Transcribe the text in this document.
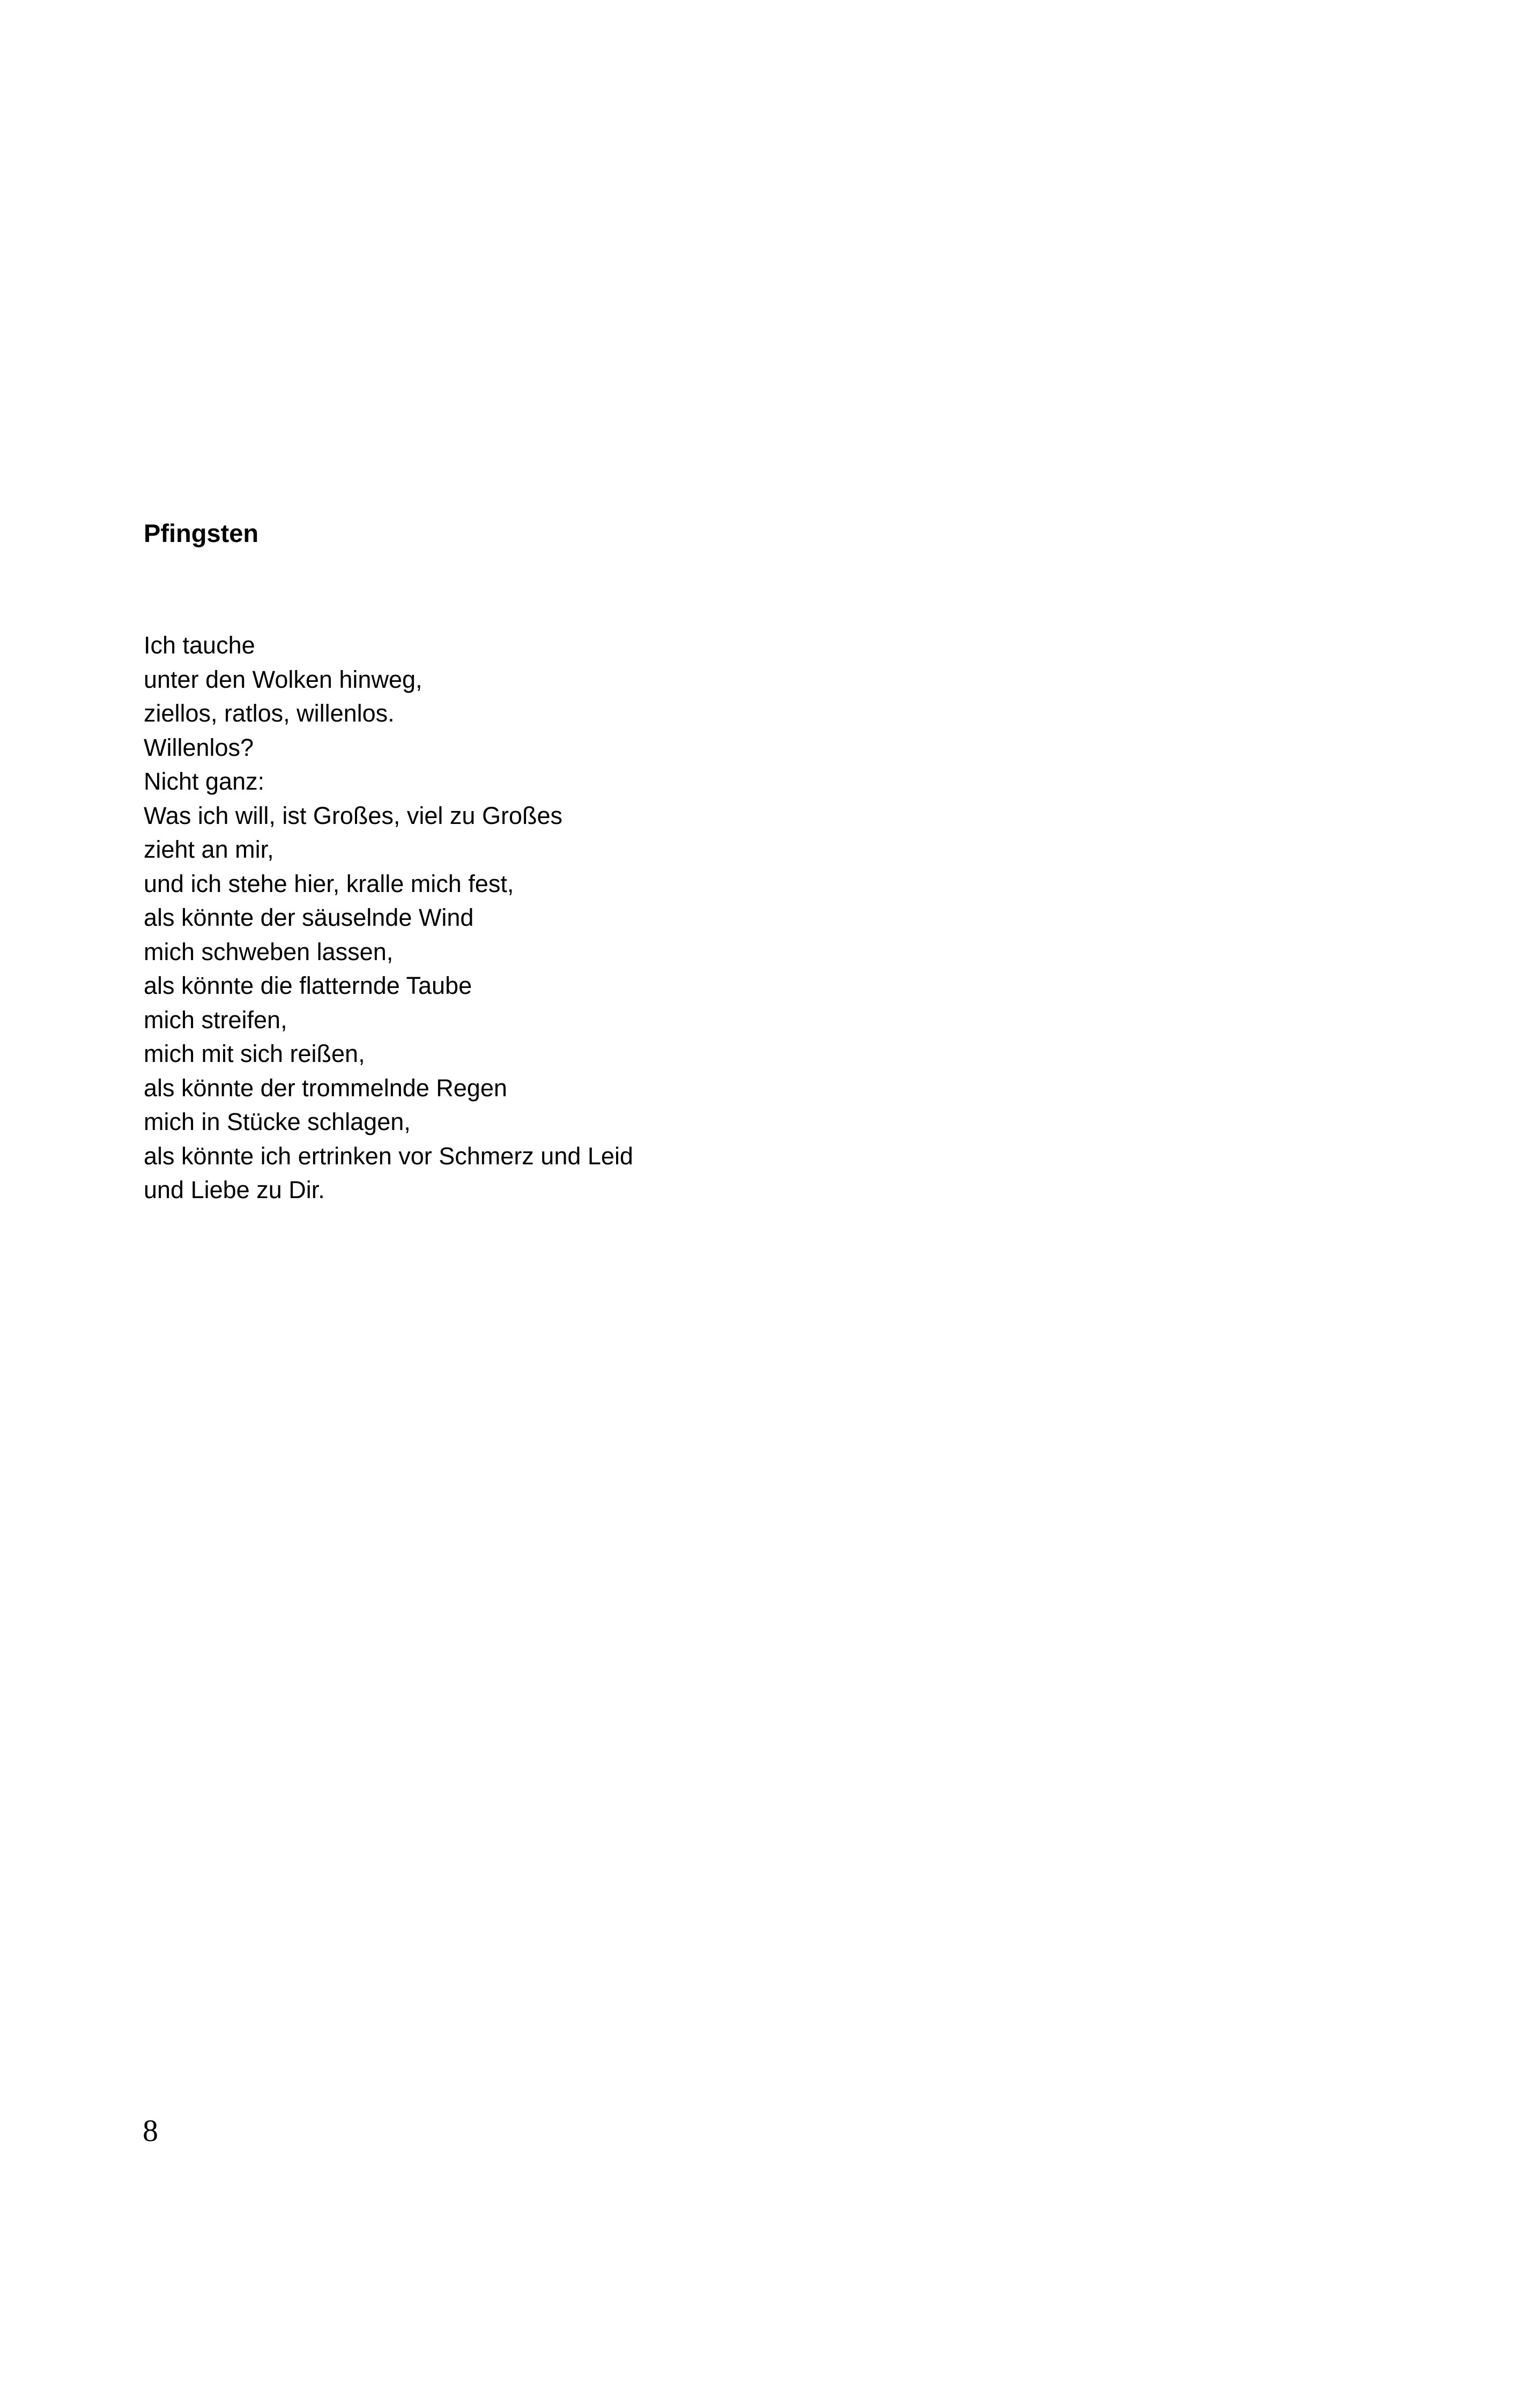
Pfingsten
Ich tauche
unter den Wolken hinweg,
ziellos, ratlos, willenlos.
Willenlos?
Nicht ganz:
Was ich will, ist Großes, viel zu Großes
zieht an mir,
und ich stehe hier, kralle mich fest,
als könnte der säuselnde Wind
mich schweben lassen,
als könnte die flatternde Taube
mich streifen,
mich mit sich reißen,
als könnte der trommelnde Regen
mich in Stücke schlagen,
als könnte ich ertrinken vor Schmerz und Leid
und Liebe zu Dir.

8
